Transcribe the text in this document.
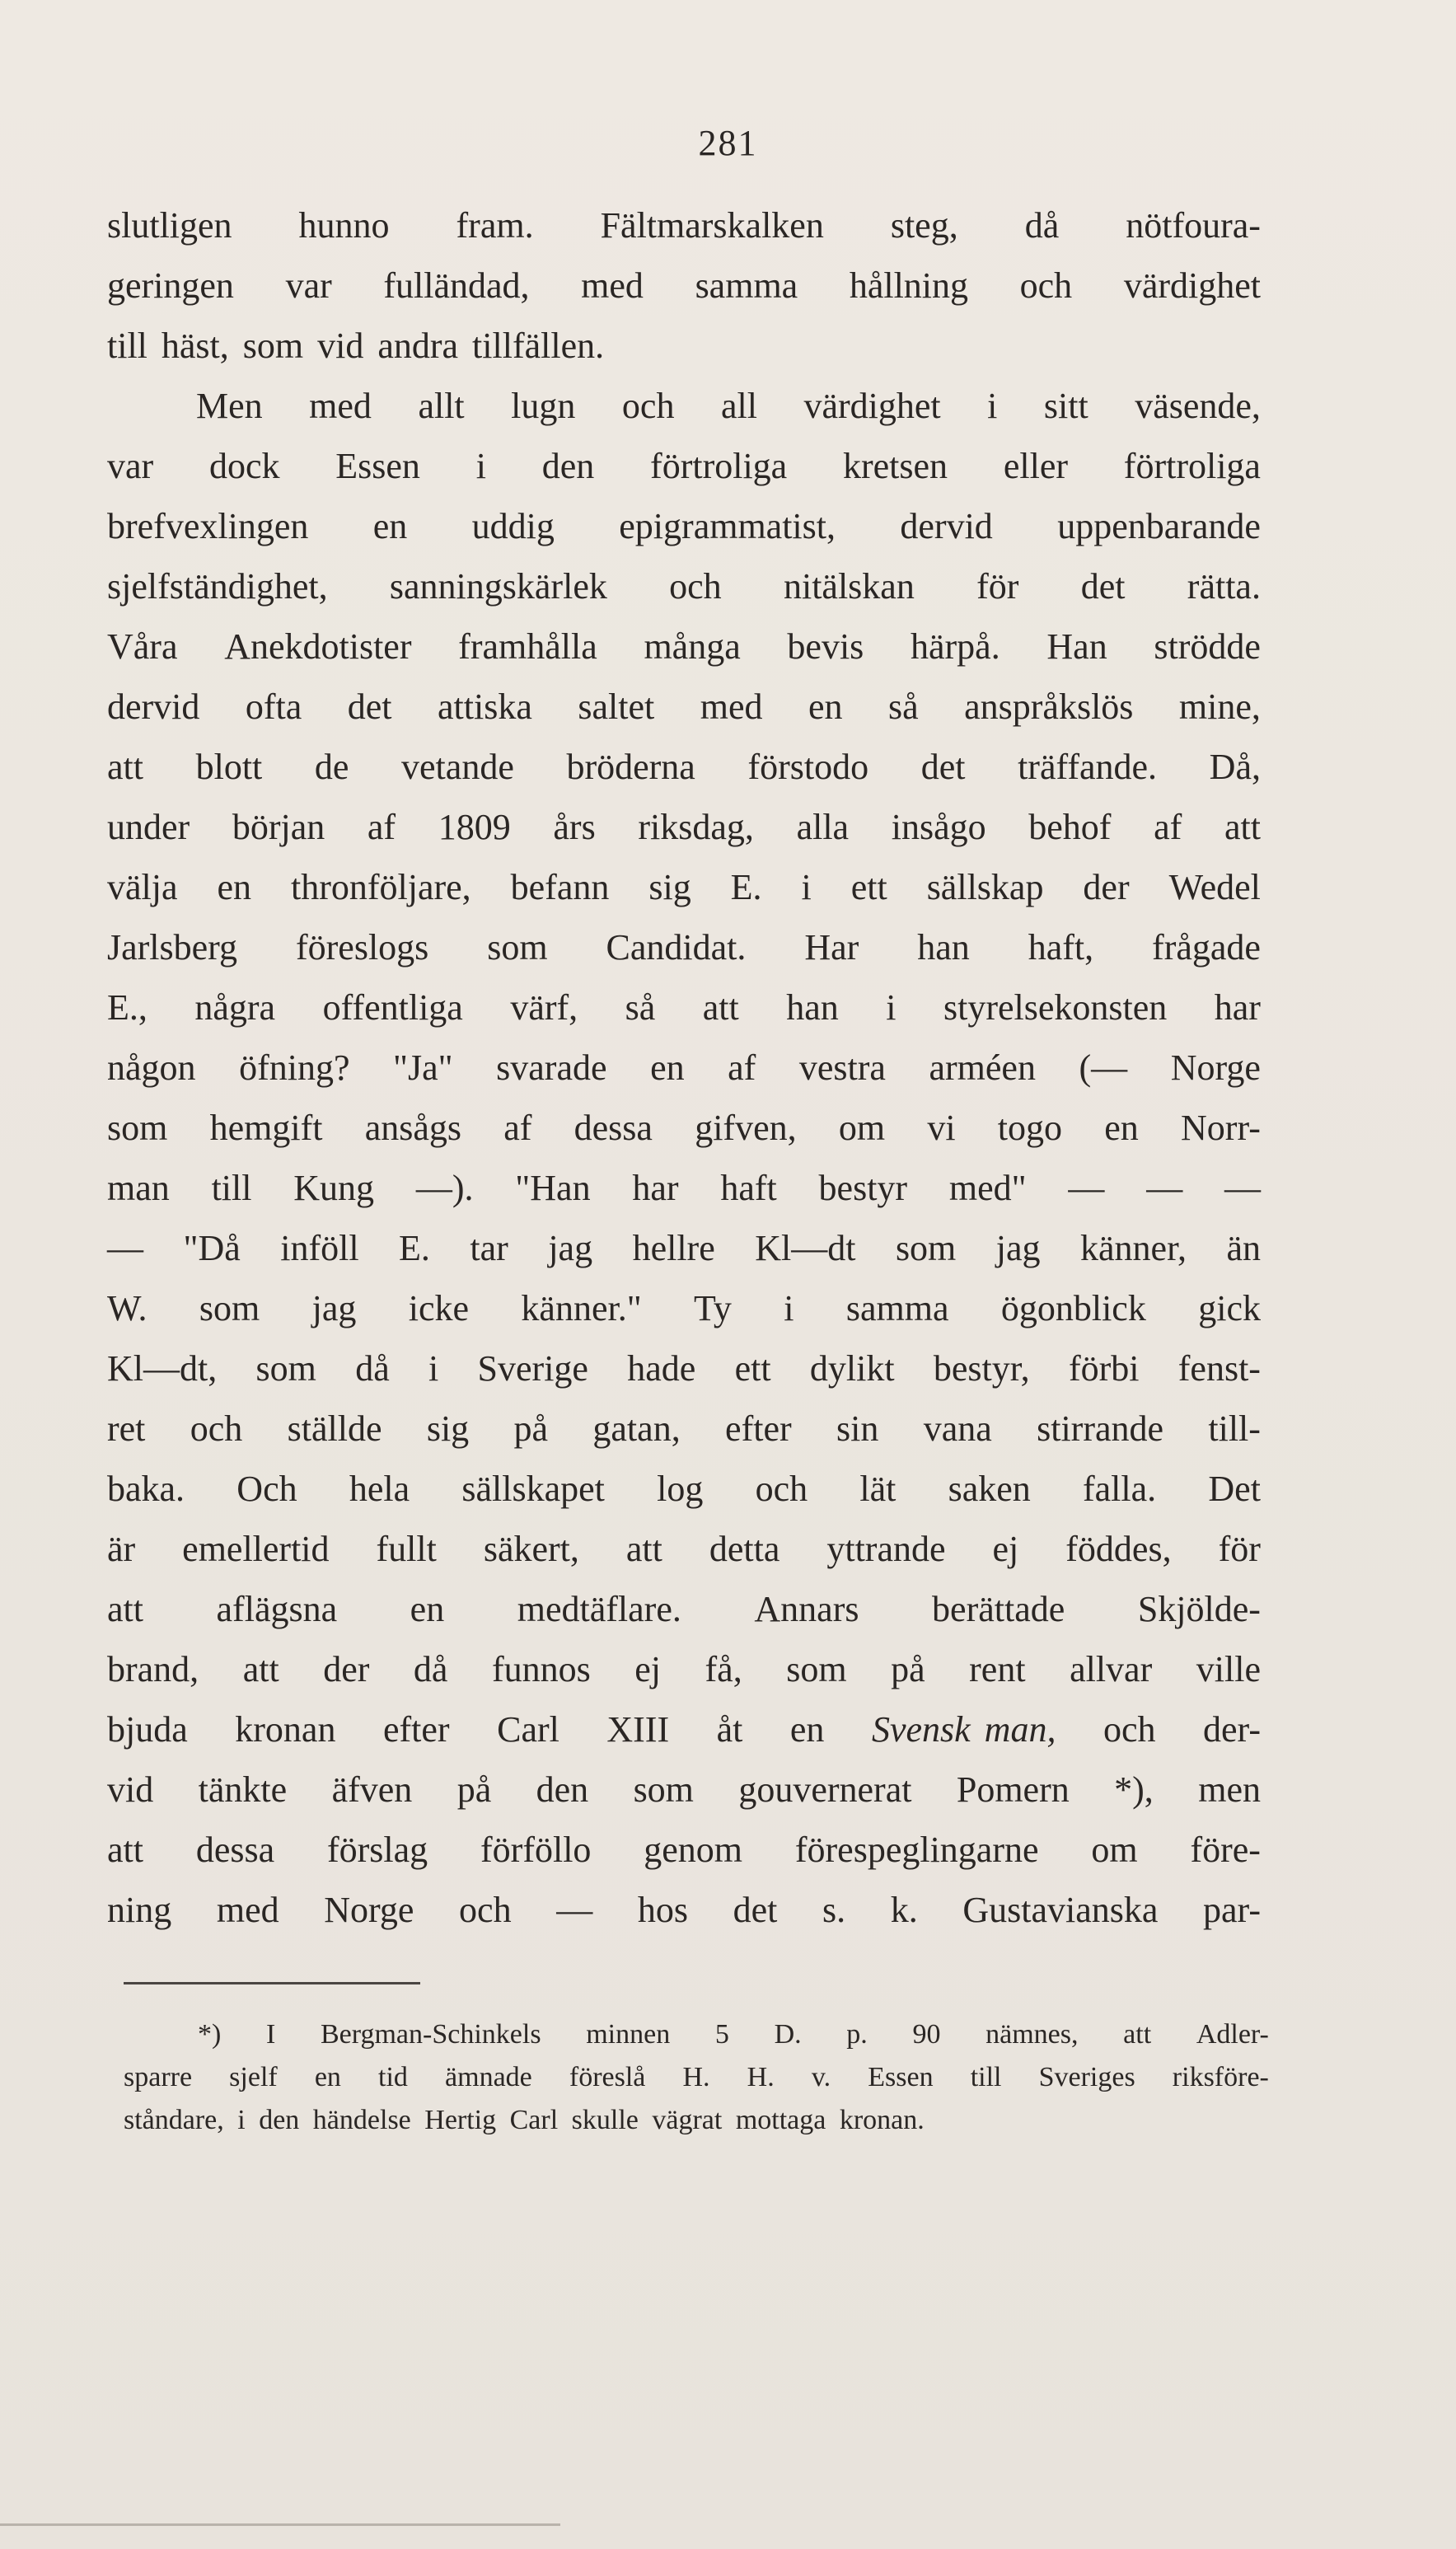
281
slutligen hunno fram. Fältmarskalken steg, då nötfoura-
geringen var fulländad, med samma hållning och värdighet
till häst, som vid andra tillfällen.
Men med allt lugn och all värdighet i sitt väsende,
var dock Essen i den förtroliga kretsen eller förtroliga
brefvexlingen en uddig epigrammatist, dervid uppenbarande
sjelfständighet, sanningskärlek och nitälskan för det rätta.
Våra Anekdotister framhålla många bevis härpå. Han strödde
dervid ofta det attiska saltet med en så anspråkslös mine,
att blott de vetande bröderna förstodo det träffande. Då,
under början af 1809 års riksdag, alla insågo behof af att
välja en thronföljare, befann sig E. i ett sällskap der Wedel
Jarlsberg föreslogs som Candidat. Har han haft, frågade
E., några offentliga värf, så att han i styrelsekonsten har
någon öfning? "Ja" svarade en af vestra arméen (— Norge
som hemgift ansågs af dessa gifven, om vi togo en Norr-
man till Kung —). "Han har haft bestyr med" — — —
— "Då inföll E. tar jag hellre Kl—dt som jag känner, än
W. som jag icke känner." Ty i samma ögonblick gick
Kl—dt, som då i Sverige hade ett dylikt bestyr, förbi fenst-
ret och ställde sig på gatan, efter sin vana stirrande till-
baka. Och hela sällskapet log och lät saken falla. Det
är emellertid fullt säkert, att detta yttrande ej föddes, för
att aflägsna en medtäflare. Annars berättade Skjölde-
brand, att der då funnos ej få, som på rent allvar ville
bjuda kronan efter Carl XIII åt en Svensk man, och der-
vid tänkte äfven på den som gouvernerat Pomern *), men
att dessa förslag förföllo genom förespeglingarne om före-
ning med Norge och — hos det s. k. Gustavianska par-
*) I Bergman-Schinkels minnen 5 D. p. 90 nämnes, att Adler-
sparre sjelf en tid ämnade föreslå H. H. v. Essen till Sveriges riksföre-
ståndare, i den händelse Hertig Carl skulle vägrat mottaga kronan.
